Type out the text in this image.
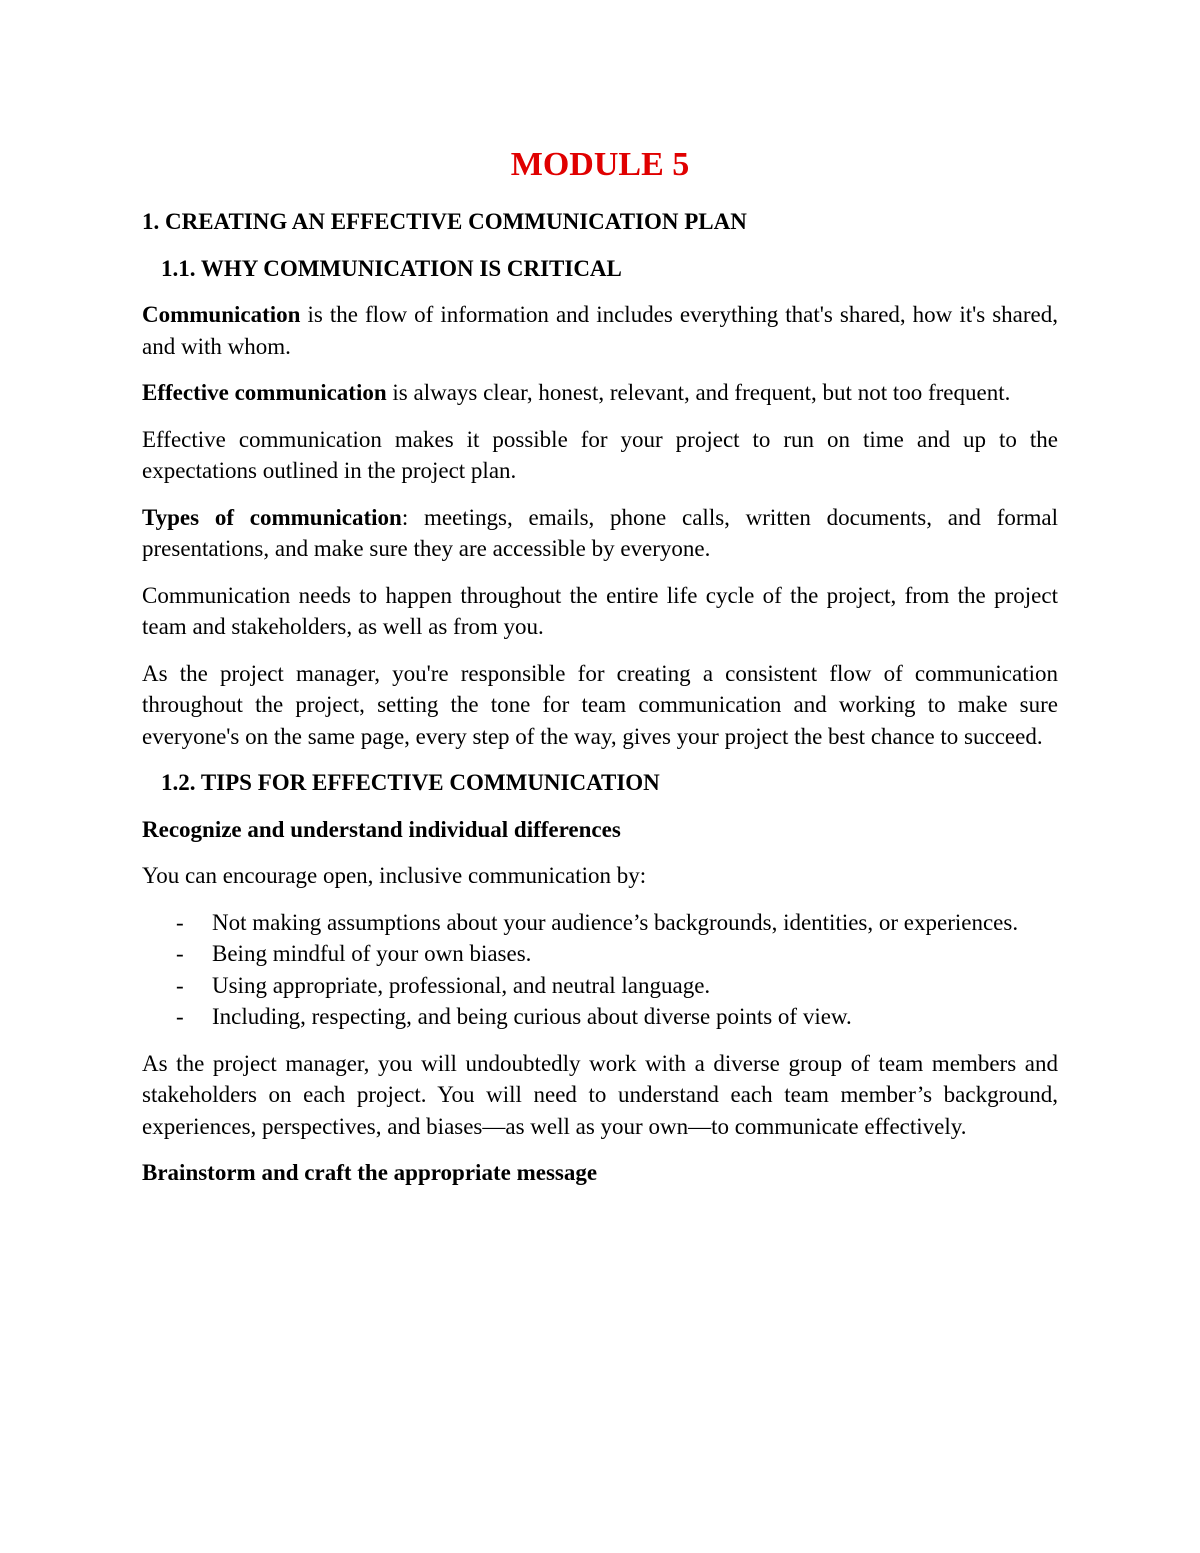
MODULE 5
1. CREATING AN EFFECTIVE COMMUNICATION PLAN
1.1. WHY COMMUNICATION IS CRITICAL

Communication is the flow of information and includes everything that's shared, how it's shared, and with whom.

Effective communication is always clear, honest, relevant, and frequent, but not too frequent.

Effective communication makes it possible for your project to run on time and up to the expectations outlined in the project plan.

Types of communication: meetings, emails, phone calls, written documents, and formal presentations, and make sure they are accessible by everyone.

Communication needs to happen throughout the entire life cycle of the project, from the project team and stakeholders, as well as from you.

As the project manager, you're responsible for creating a consistent flow of communication throughout the project, setting the tone for team communication and working to make sure everyone's on the same page, every step of the way, gives your project the best chance to succeed.

1.2. TIPS FOR EFFECTIVE COMMUNICATION
Recognize and understand individual differences

You can encourage open, inclusive communication by:

- Not making assumptions about your audience’s backgrounds, identities, or experiences.
- Being mindful of your own biases.
- Using appropriate, professional, and neutral language.
- Including, respecting, and being curious about diverse points of view.

As the project manager, you will undoubtedly work with a diverse group of team members and stakeholders on each project. You will need to understand each team member’s background, experiences, perspectives, and biases—as well as your own—to communicate effectively.

Brainstorm and craft the appropriate message
